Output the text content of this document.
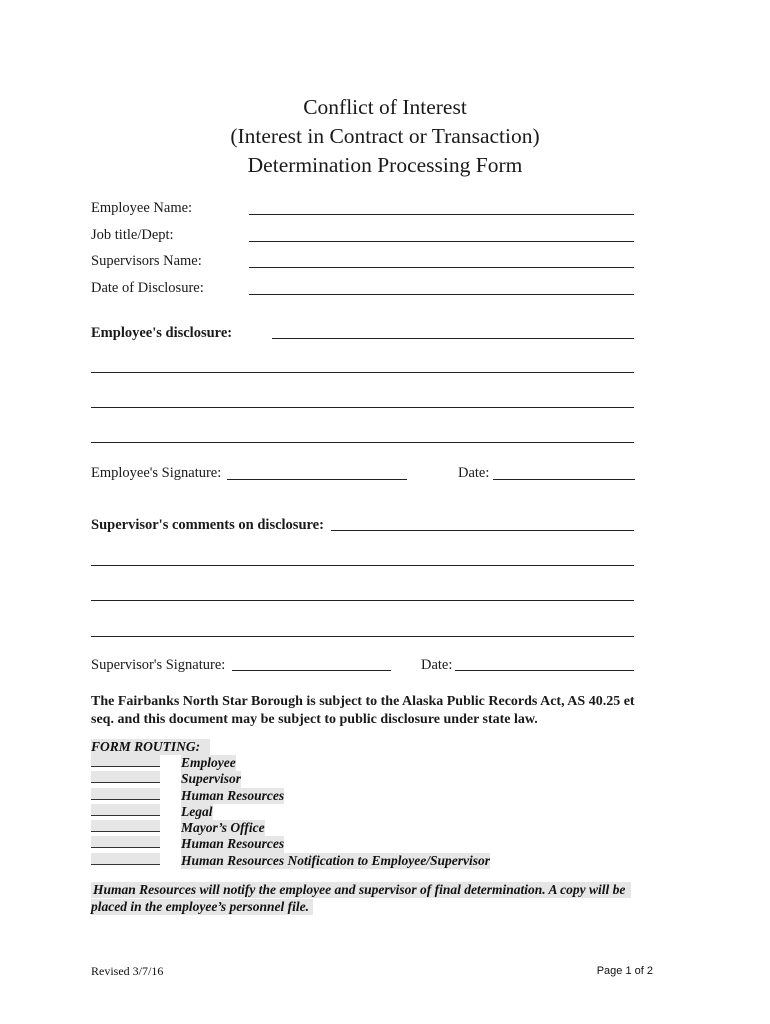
Conflict of Interest
(Interest in Contract or Transaction)
Determination Processing Form
Employee Name:
Job title/Dept:
Supervisors Name:
Date of Disclosure:
Employee's disclosure:
Employee's Signature:	Date:
Supervisor's comments on disclosure:
Supervisor's Signature:	Date:
The Fairbanks North Star Borough is subject to the Alaska Public Records Act, AS 40.25 et
seq. and this document may be subject to public disclosure under state law.
FORM ROUTING:
Employee
Supervisor
Human Resources
Legal
Mayor’s Office
Human Resources
Human Resources Notification to Employee/Supervisor
Human Resources will notify the employee and supervisor of final determination. A copy will be
placed in the employee’s personnel file.
Revised 3/7/16	Page 1 of 2
